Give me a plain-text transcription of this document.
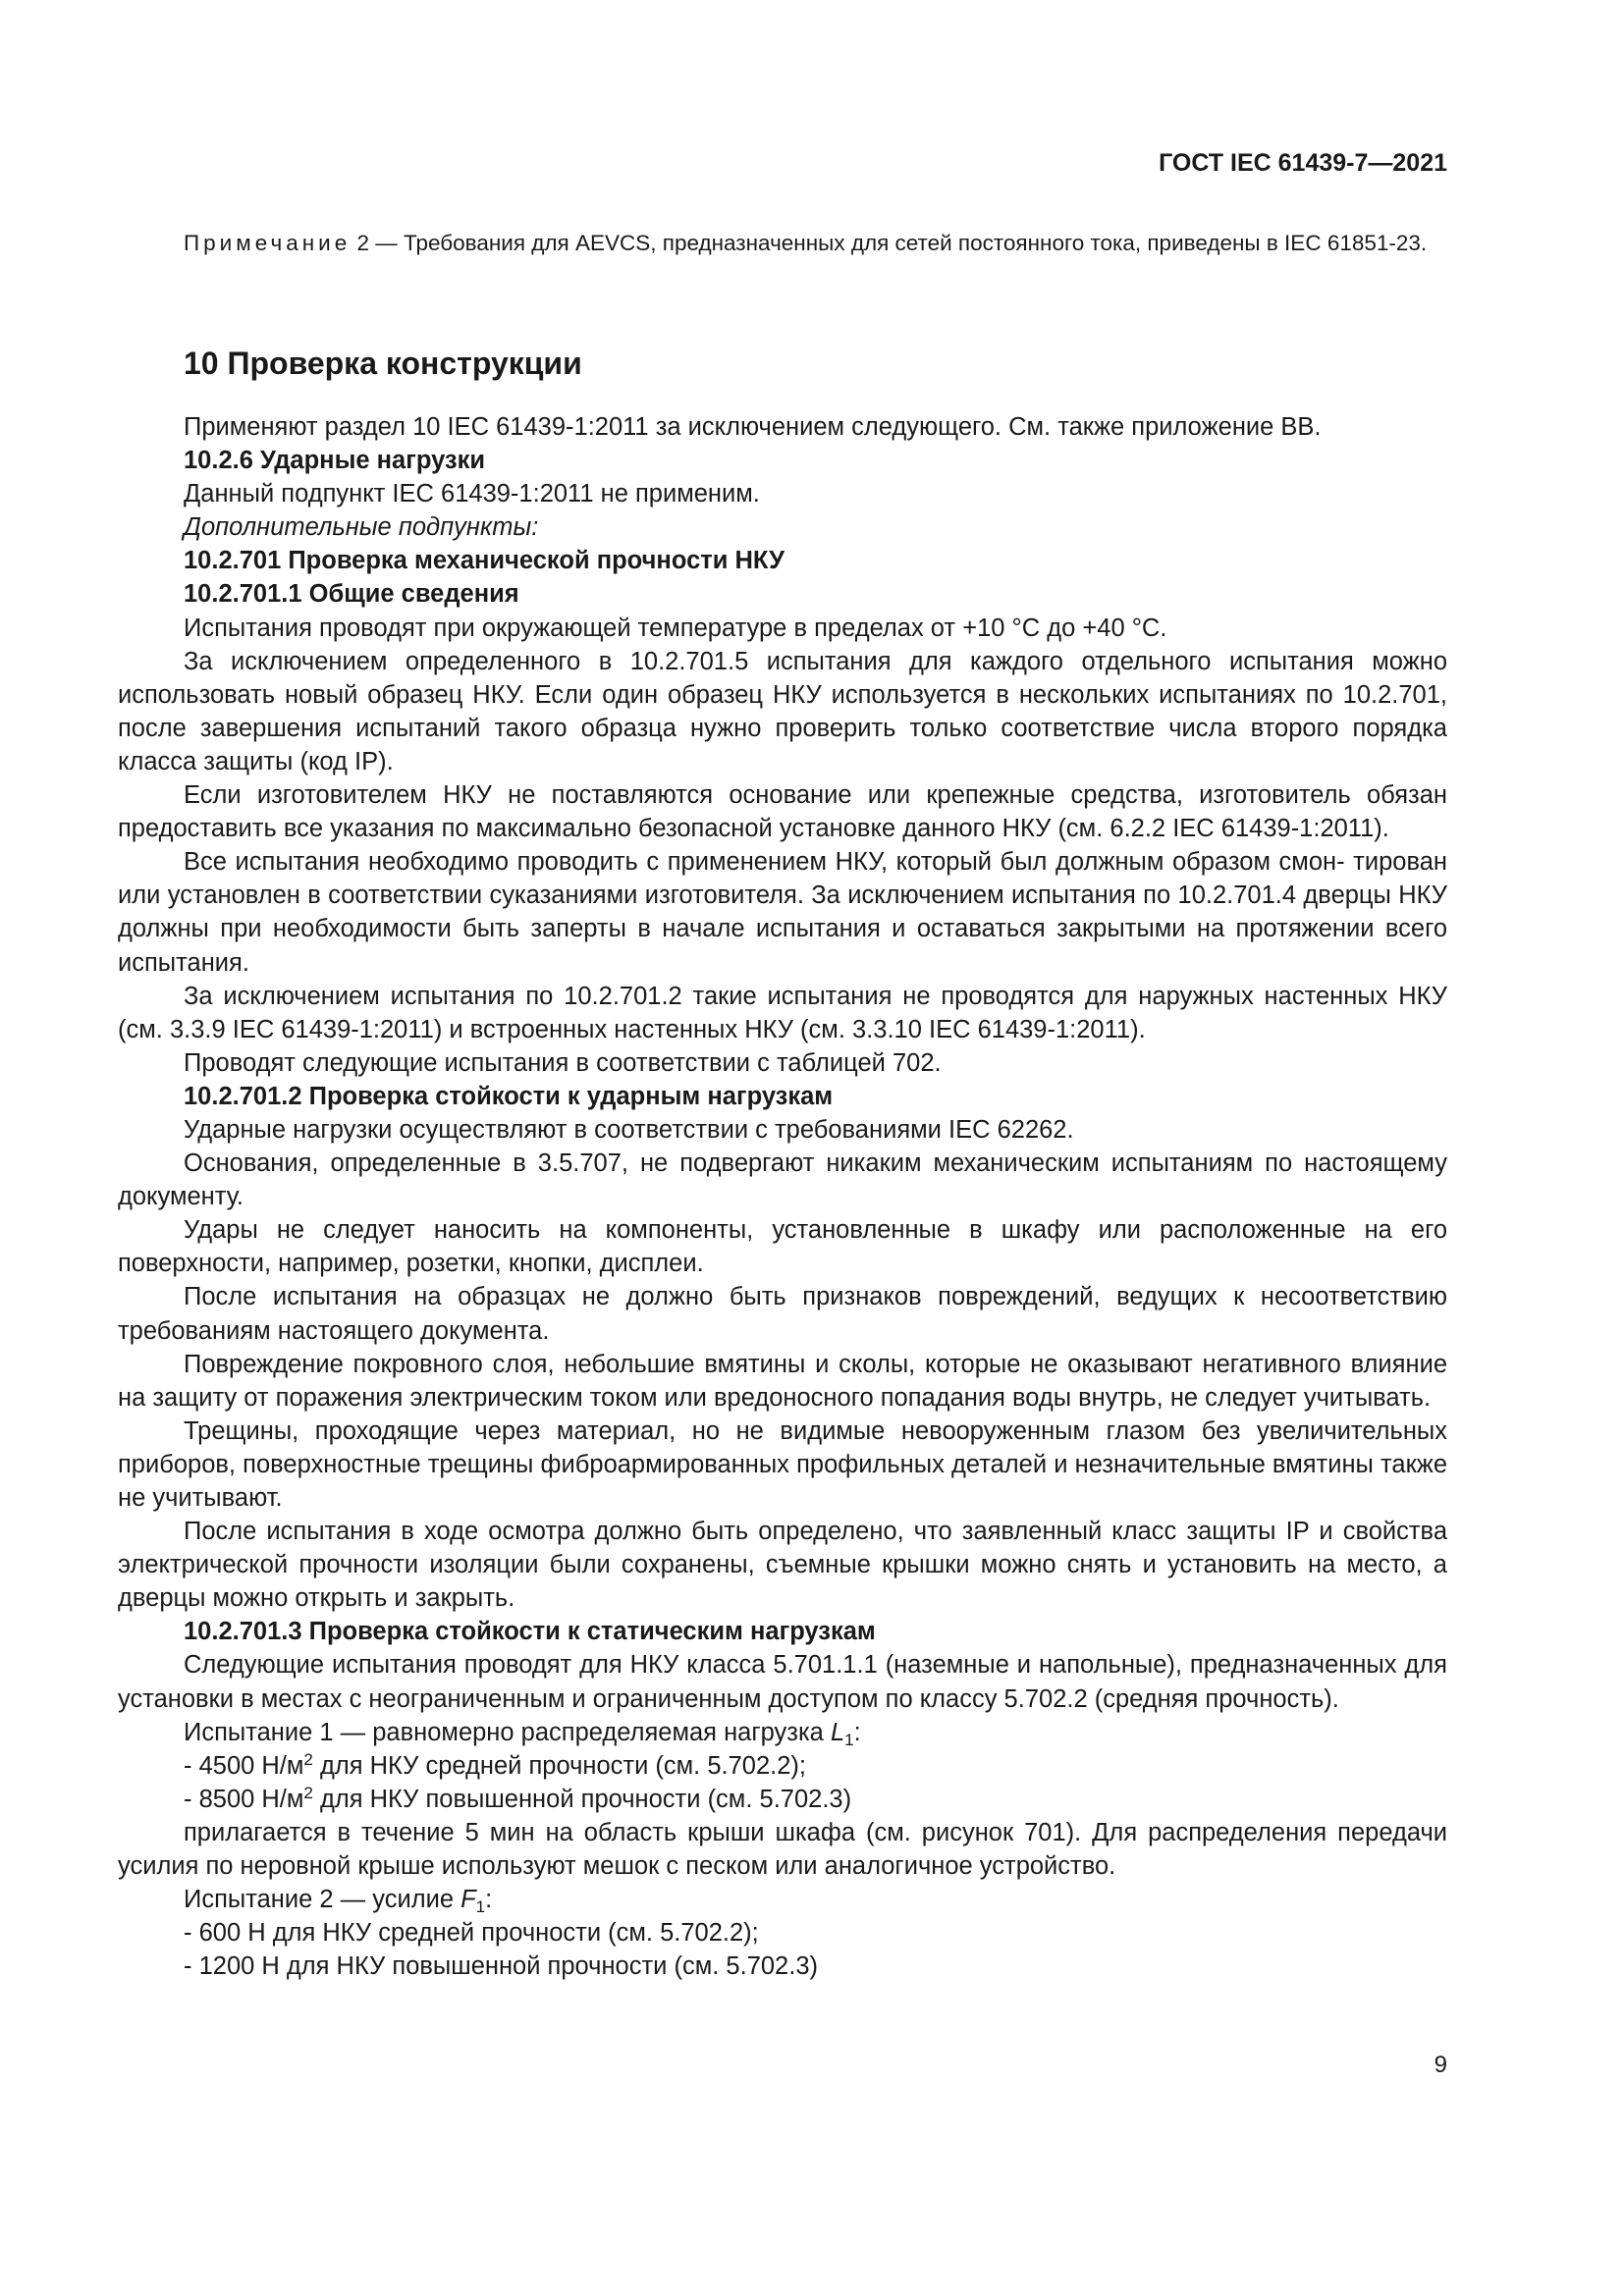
ГОСТ IEC 61439-7—2021
Примечание 2 — Требования для AEVCS, предназначенных для сетей постоянного тока, приведены в IEC 61851-23.
10 Проверка конструкции

Применяют раздел 10 IEC 61439-1:2011 за исключением следующего. См. также приложение ВВ.

10.2.6 Ударные нагрузки

Данный подпункт IEC 61439-1:2011 не применим.

Дополнительные подпункты:

10.2.701 Проверка механической прочности НКУ

10.2.701.1 Общие сведения

Испытания проводят при окружающей температуре в пределах от +10 °С до +40 °С.

За исключением определенного в 10.2.701.5 испытания для каждого отдельного испытания можно использовать новый образец НКУ. Если один образец НКУ используется в нескольких испытаниях по 10.2.701, после завершения испытаний такого образца нужно проверить только соответствие числа второго порядка класса защиты (код IP).

Если изготовителем НКУ не поставляются основание или крепежные средства, изготовитель обязан предоставить все указания по максимально безопасной установке данного НКУ (см. 6.2.2 IEC 61439-1:2011).

Все испытания необходимо проводить с применением НКУ, который был должным образом смон- тирован или установлен в соответствии суказаниями изготовителя. За исключением испытания по 10.2.701.4 дверцы НКУ должны при необходимости быть заперты в начале испытания и оставаться закрытыми на протяжении всего испытания.

За исключением испытания по 10.2.701.2 такие испытания не проводятся для наружных настенных НКУ (см. 3.3.9 IEC 61439-1:2011) и встроенных настенных НКУ (см. 3.3.10 IEC 61439-1:2011).

Проводят следующие испытания в соответствии с таблицей 702.

10.2.701.2 Проверка стойкости к ударным нагрузкам

Ударные нагрузки осуществляют в соответствии с требованиями IEC 62262.

Основания, определенные в 3.5.707, не подвергают никаким механическим испытаниям по настоящему документу.

Удары не следует наносить на компоненты, установленные в шкафу или расположенные на его поверхности, например, розетки, кнопки, дисплеи.

После испытания на образцах не должно быть признаков повреждений, ведущих к несоответствию требованиям настоящего документа.

Повреждение покровного слоя, небольшие вмятины и сколы, которые не оказывают негативного влияние на защиту от поражения электрическим током или вредоносного попадания воды внутрь, не следует учитывать.

Трещины, проходящие через материал, но не видимые невооруженным глазом без увеличительных приборов, поверхностные трещины фиброармированных профильных деталей и незначительные вмятины также не учитывают.

После испытания в ходе осмотра должно быть определено, что заявленный класс защиты IP и свойства электрической прочности изоляции были сохранены, съемные крышки можно снять и установить на место, а дверцы можно открыть и закрыть.

10.2.701.3 Проверка стойкости к статическим нагрузкам

Следующие испытания проводят для НКУ класса 5.701.1.1 (наземные и напольные), предназначенных для установки в местах с неограниченным и ограниченным доступом по классу 5.702.2 (средняя прочность).

Испытание 1 — равномерно распределяемая нагрузка $L_1$:

- 4500 $Н/м^2$ для НКУ средней прочности (см. 5.702.2);

- 8500 $Н/м^2$ для НКУ повышенной прочности (см. 5.702.3)

прилагается в течение 5 мин на область крыши шкафа (см. рисунок 701). Для распределения передачи усилия по неровной крыше используют мешок с песком или аналогичное устройство.

Испытание 2 — усилие $F_1$:

- 600 Н для НКУ средней прочности (см. 5.702.2);

- 1200 Н для НКУ повышенной прочности (см. 5.702.3)

9
